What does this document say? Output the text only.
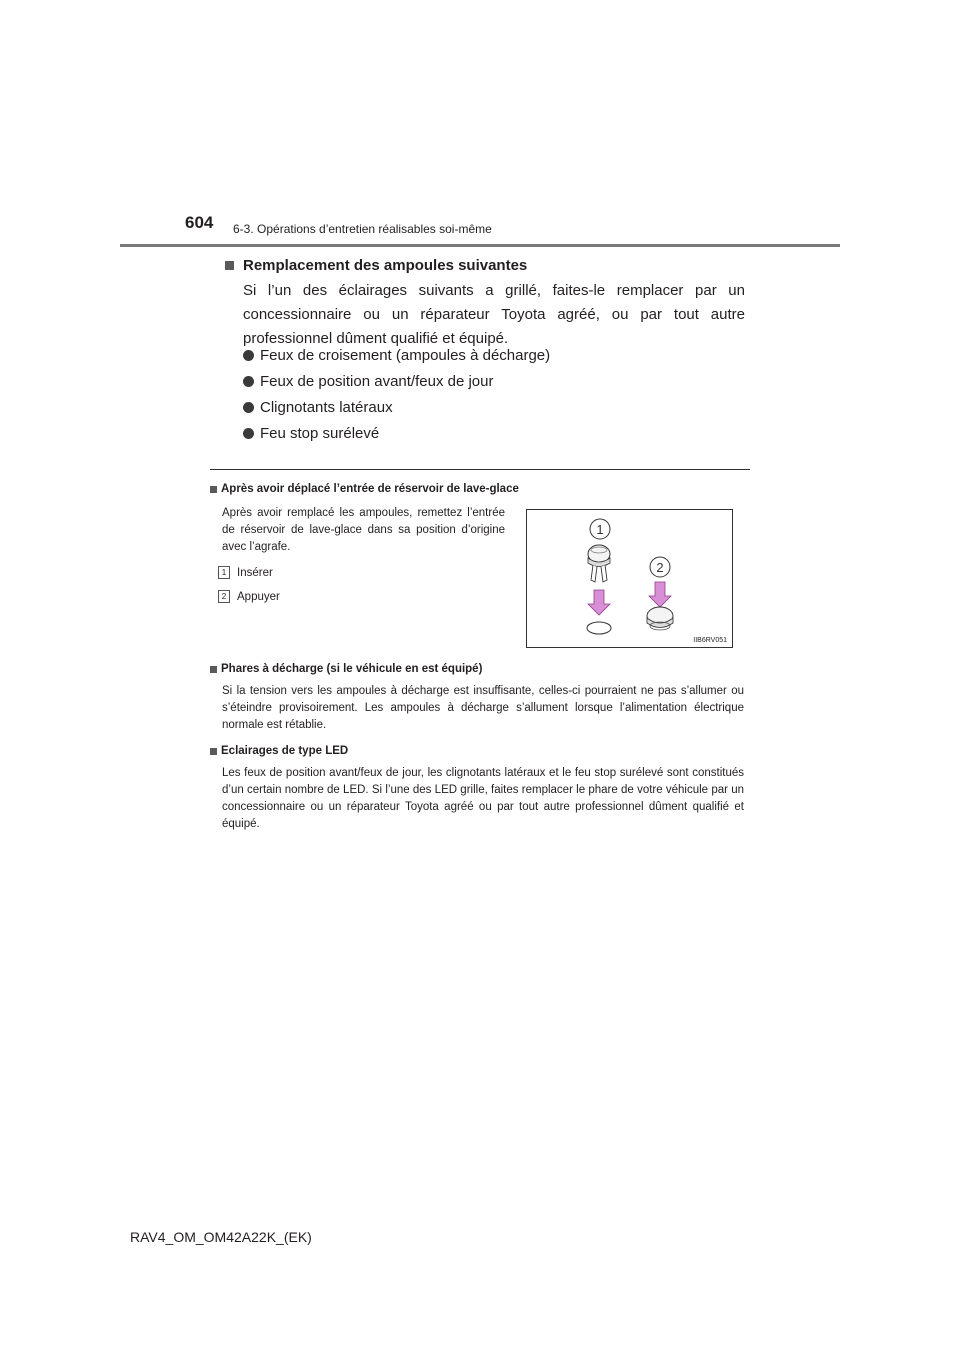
604 6-3. Opérations d’entretien réalisables soi-même
Remplacement des ampoules suivantes

Si l’un des éclairages suivants a grillé, faites-le remplacer par un concessionnaire ou un réparateur Toyota agréé, ou par tout autre professionnel dûment qualifié et équipé.

Feux de croisement (ampoules à décharge)
Feux de position avant/feux de jour
Clignotants latéraux
Feu stop surélevé
Après avoir déplacé l’entrée de réservoir de lave-glace

Après avoir remplacé les ampoules, remettez l’entrée de réservoir de lave-glace dans sa position d’origine avec l’agrafe.

1 Insérer
2 Appuyer
1
2
IIB6RV051
Phares à décharge (si le véhicule en est équipé)

Si la tension vers les ampoules à décharge est insuffisante, celles-ci pourraient ne pas s’allumer ou s’éteindre provisoirement. Les ampoules à décharge s’allument lorsque l’alimentation électrique normale est rétablie.

Eclairages de type LED

Les feux de position avant/feux de jour, les clignotants latéraux et le feu stop surélevé sont constitués d’un certain nombre de LED. Si l’une des LED grille, faites remplacer le phare de votre véhicule par un concessionnaire ou un réparateur Toyota agréé ou par tout autre professionnel dûment qualifié et équipé.

RAV4_OM_OM42A22K_(EK)
